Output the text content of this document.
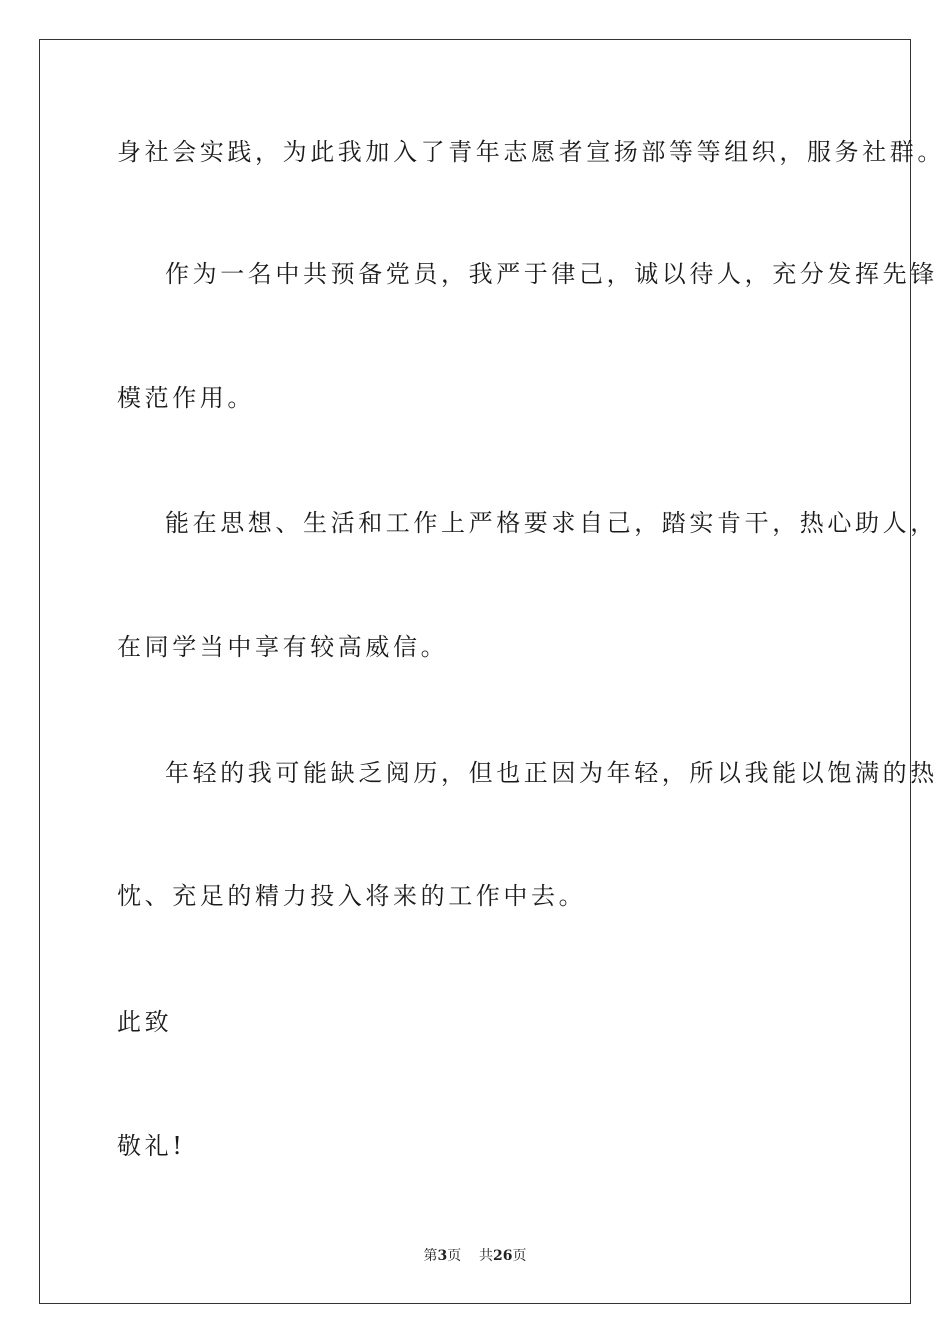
身社会实践，为此我加入了青年志愿者宣扬部等等组织，服务社群。
作为一名中共预备党员，我严于律己，诚以待人，充分发挥先锋
模范作用。
能在思想、生活和工作上严格要求自己，踏实肯干，热心助人，
在同学当中享有较高威信。
年轻的我可能缺乏阅历，但也正因为年轻，所以我能以饱满的热
忱、充足的精力投入将来的工作中去。
此致
敬礼!
第3页 共26页
